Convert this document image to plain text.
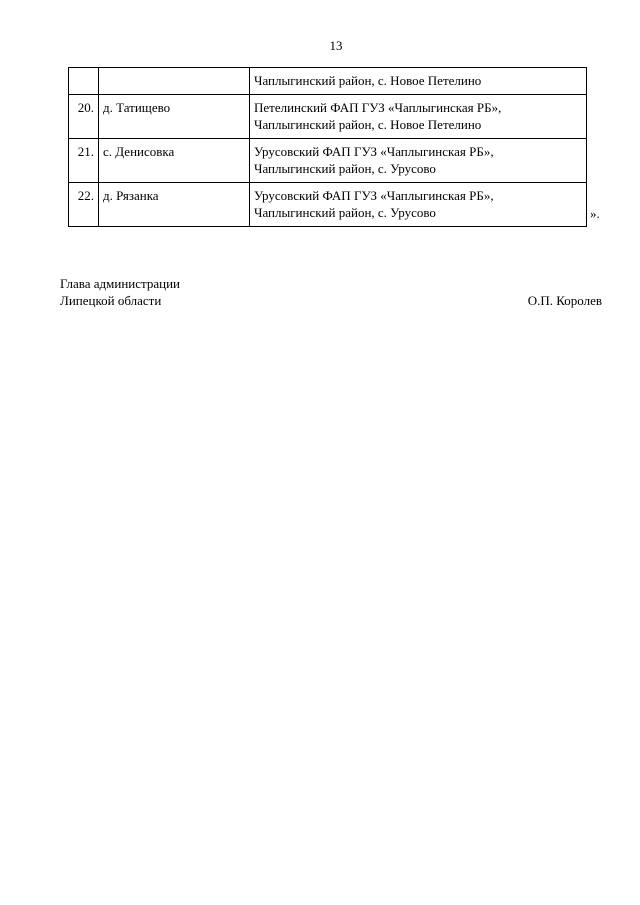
13

		Чаплыгинский район, с. Новое Петелино

20.	д. Татищево	Петелинский ФАП ГУЗ «Чаплыгинская РБ»,
Чаплыгинский район, с. Новое Петелино

21.	с. Денисовка	Урусовский ФАП ГУЗ «Чаплыгинская РБ»,
Чаплыгинский район, с. Урусово

22.	д. Рязанка	Урусовский ФАП ГУЗ «Чаплыгинская РБ»,
Чаплыгинский район, с. Урусово	».
Глава администрации
Липецкой области	О.П. Королев
